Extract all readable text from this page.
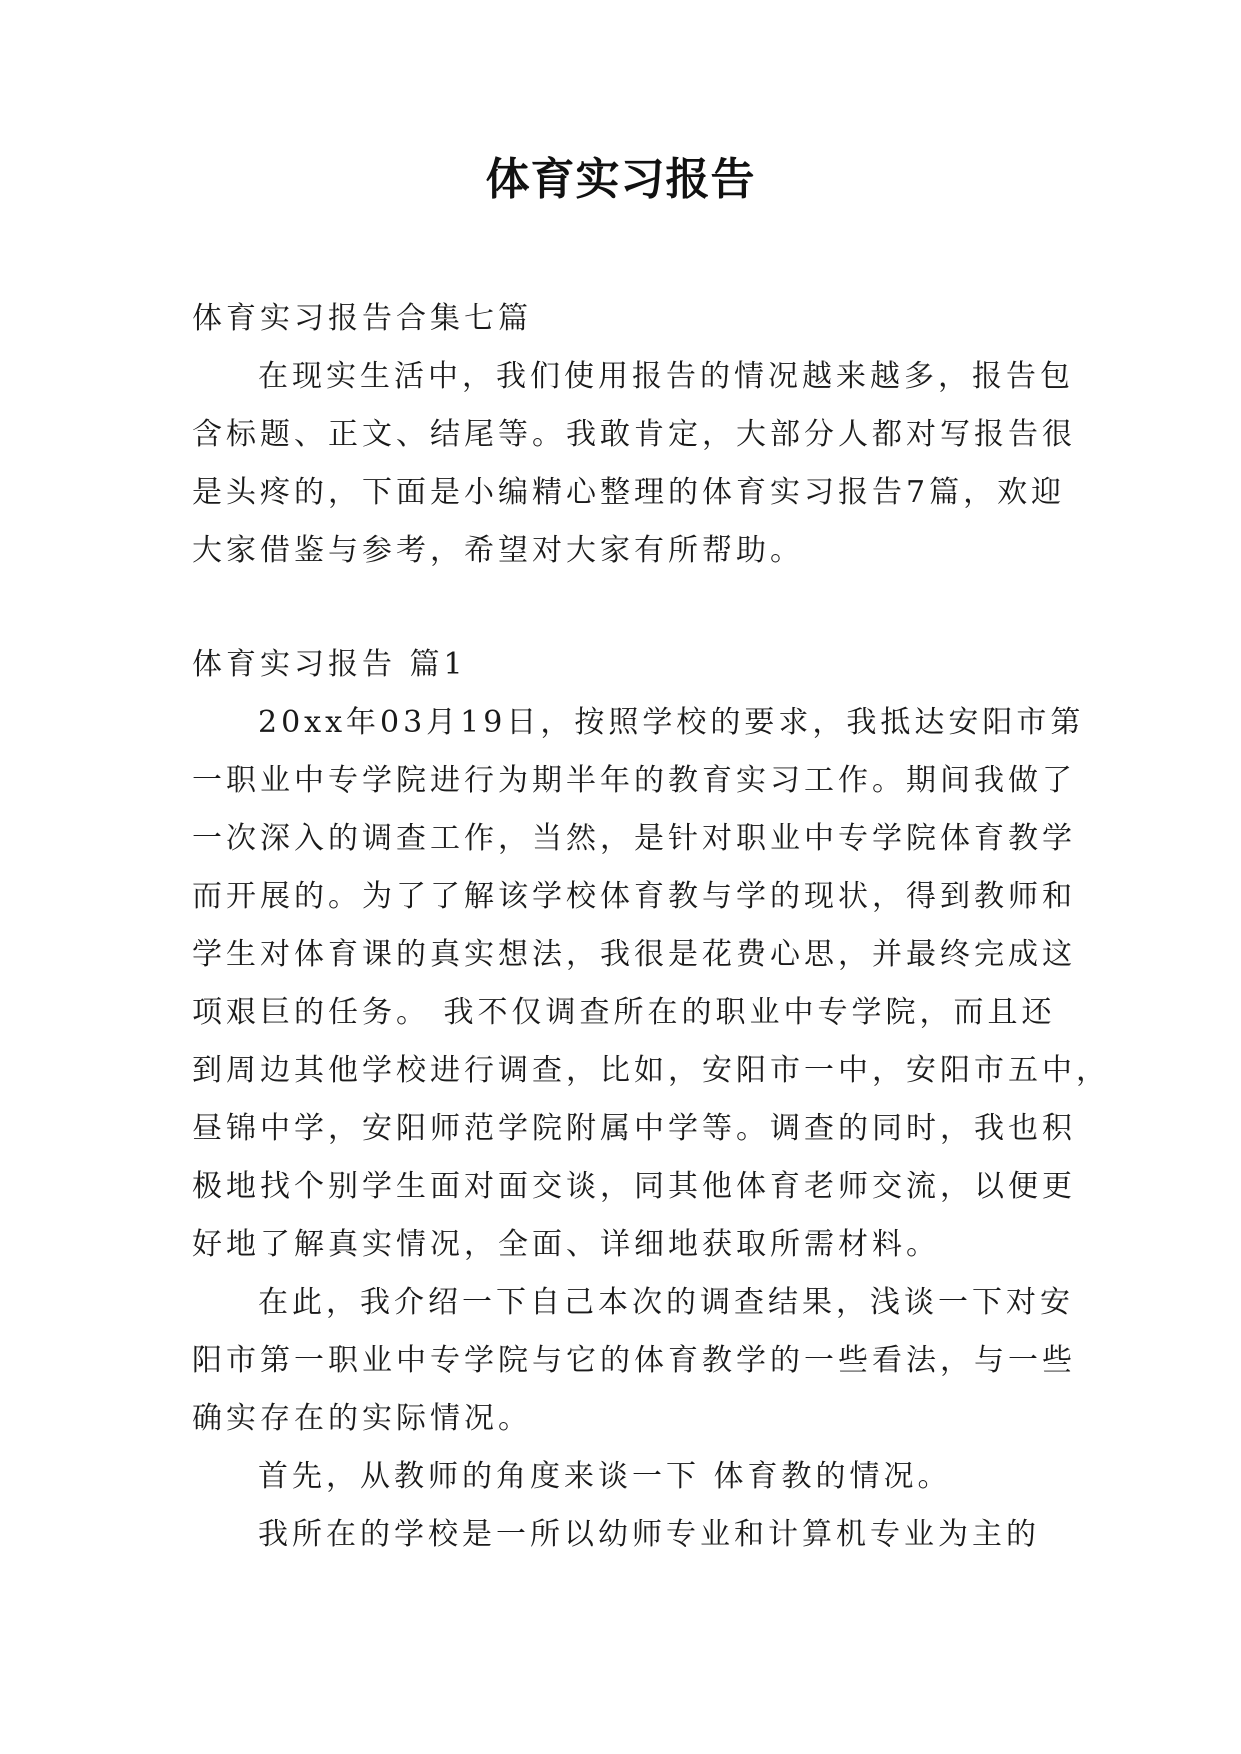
体育实习报告
体育实习报告合集七篇
在现实生活中，我们使用报告的情况越来越多，报告包
含标题、正文、结尾等。我敢肯定，大部分人都对写报告很
是头疼的，下面是小编精心整理的体育实习报告7篇，欢迎
大家借鉴与参考，希望对大家有所帮助。
体育实习报告 篇1
20xx年03月19日，按照学校的要求，我抵达安阳市第
一职业中专学院进行为期半年的教育实习工作。期间我做了
一次深入的调查工作，当然，是针对职业中专学院体育教学
而开展的。为了了解该学校体育教与学的现状，得到教师和
学生对体育课的真实想法，我很是花费心思，并最终完成这
项艰巨的任务。 我不仅调查所在的职业中专学院，而且还
到周边其他学校进行调查，比如，安阳市一中，安阳市五中，
昼锦中学，安阳师范学院附属中学等。调查的同时，我也积
极地找个别学生面对面交谈，同其他体育老师交流，以便更
好地了解真实情况，全面、详细地获取所需材料。
在此，我介绍一下自己本次的调查结果，浅谈一下对安
阳市第一职业中专学院与它的体育教学的一些看法，与一些
确实存在的实际情况。
首先，从教师的角度来谈一下 体育教的情况。
我所在的学校是一所以幼师专业和计算机专业为主的
